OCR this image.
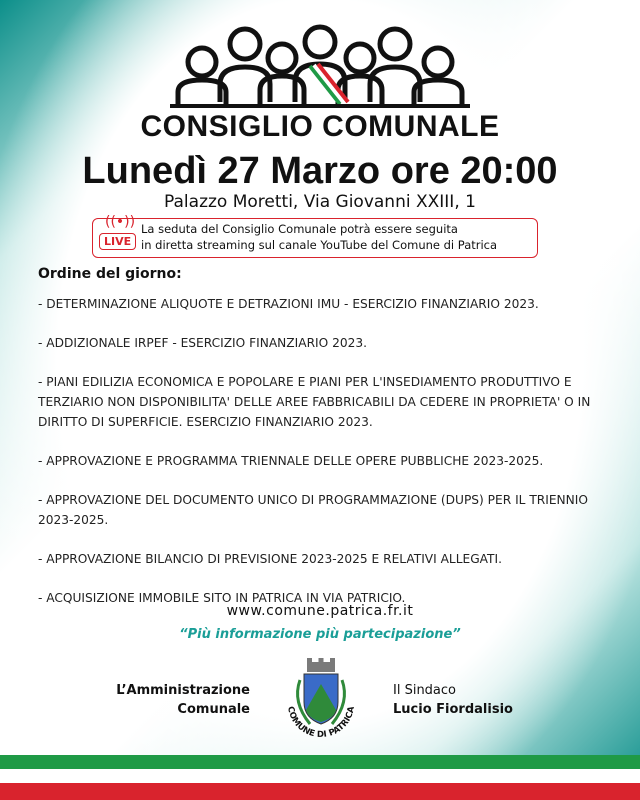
CONSIGLIO COMUNALE
Lunedì 27 Marzo ore 20:00
Palazzo Moretti, Via Giovanni XXIII, 1
((•))
LIVE
La seduta del Consiglio Comunale potrà essere seguita
in diretta streaming sul canale YouTube del Comune di Patrica
Ordine del giorno:
- DETERMINAZIONE ALIQUOTE E DETRAZIONI IMU - ESERCIZIO FINANZIARIO 2023.
- ADDIZIONALE IRPEF - ESERCIZIO FINANZIARIO 2023.
- PIANI EDILIZIA ECONOMICA E POPOLARE E PIANI PER L'INSEDIAMENTO PRODUTTIVO E TERZIARIO NON DISPONIBILITA' DELLE AREE FABBRICABILI DA CEDERE IN PROPRIETA' O IN DIRITTO DI SUPERFICIE. ESERCIZIO FINANZIARIO 2023.
- APPROVAZIONE E PROGRAMMA TRIENNALE DELLE OPERE PUBBLICHE 2023-2025.
- APPROVAZIONE DEL DOCUMENTO UNICO DI PROGRAMMAZIONE (DUPS) PER IL TRIENNIO 2023-2025.
- APPROVAZIONE BILANCIO DI PREVISIONE 2023-2025 E RELATIVI ALLEGATI.
- ACQUISIZIONE IMMOBILE SITO IN PATRICA IN VIA PATRICIO.
www.comune.patrica.fr.it
“Più informazione più partecipazione”
L’Amministrazione
Comunale	COMUNE DI PATRICA
Il Sindaco
Lucio Fiordalisio
